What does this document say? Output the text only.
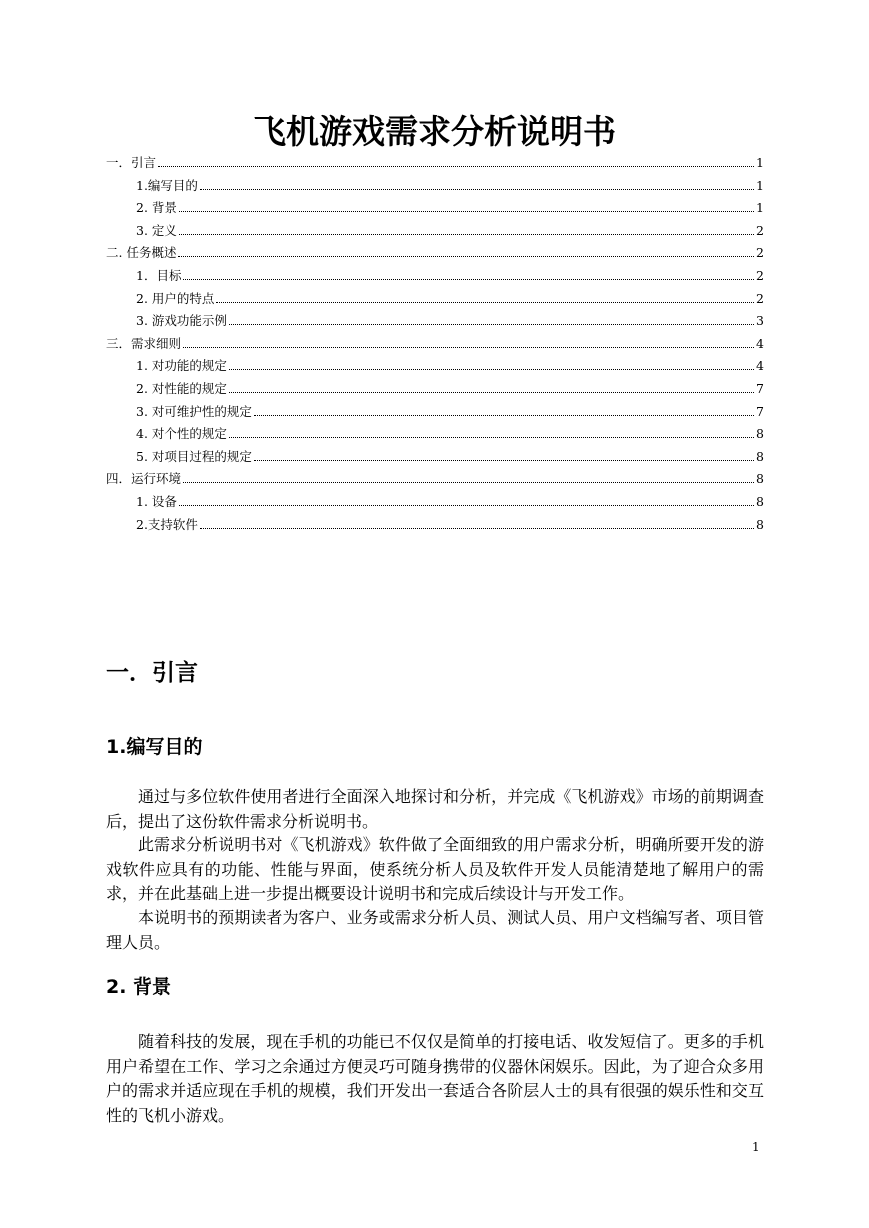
飞机游戏需求分析说明书
一．引言	1
1.编写目的	1
2. 背景	1
3. 定义	2
二. 任务概述	2
1．目标	2
2. 用户的特点	2
3. 游戏功能示例	3
三．需求细则	4
1. 对功能的规定	4
2. 对性能的规定	7
3. 对可维护性的规定	7
4. 对个性的规定	8
5. 对项目过程的规定	8
四．运行环境	8
1. 设备	8
2.支持软件	8
一．引言
1.编写目的

通过与多位软件使用者进行全面深入地探讨和分析，并完成《飞机游戏》市场的前期调查后，提出了这份软件需求分析说明书。

此需求分析说明书对《飞机游戏》软件做了全面细致的用户需求分析，明确所要开发的游戏软件应具有的功能、性能与界面，使系统分析人员及软件开发人员能清楚地了解用户的需求，并在此基础上进一步提出概要设计说明书和完成后续设计与开发工作。

本说明书的预期读者为客户、业务或需求分析人员、测试人员、用户文档编写者、项目管理人员。

2. 背景

随着科技的发展，现在手机的功能已不仅仅是简单的打接电话、收发短信了。更多的手机用户希望在工作、学习之余通过方便灵巧可随身携带的仪器休闲娱乐。因此，为了迎合众多用户的需求并适应现在手机的规模，我们开发出一套适合各阶层人士的具有很强的娱乐性和交互性的飞机小游戏。

1
